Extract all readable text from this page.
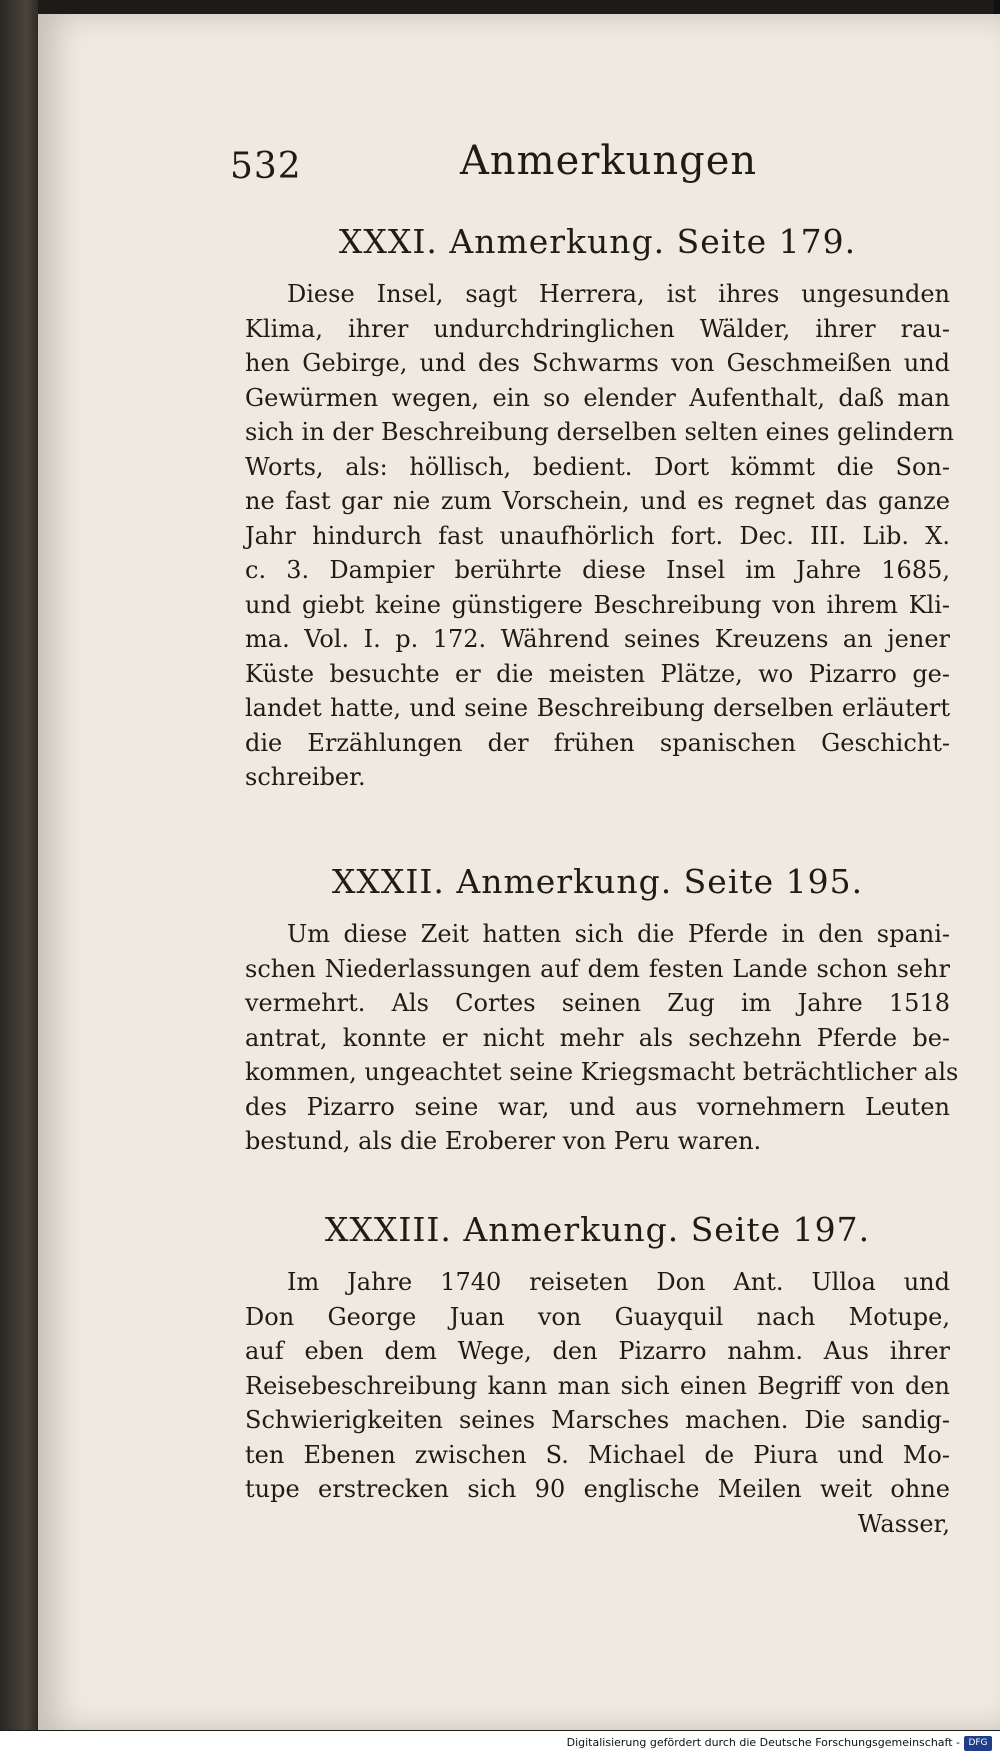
532	Anmerkungen
XXXI. Anmerkung. Seite 179.
Diese Insel, sagt Herrera, ist ihres ungesunden
Klima, ihrer undurchdringlichen Wälder, ihrer rau-
hen Gebirge, und des Schwarms von Geschmeißen und
Gewürmen wegen, ein so elender Aufenthalt, daß man
sich in der Beschreibung derselben selten eines gelindern
Worts, als: höllisch, bedient. Dort kömmt die Son-
ne fast gar nie zum Vorschein, und es regnet das ganze
Jahr hindurch fast unaufhörlich fort. Dec. III. Lib. X.
c. 3. Dampier berührte diese Insel im Jahre 1685,
und giebt keine günstigere Beschreibung von ihrem Kli-
ma. Vol. I. p. 172. Während seines Kreuzens an jener
Küste besuchte er die meisten Plätze, wo Pizarro ge-
landet hatte, und seine Beschreibung derselben erläutert
die Erzählungen der frühen spanischen Geschicht-
schreiber.
XXXII. Anmerkung. Seite 195.
Um diese Zeit hatten sich die Pferde in den spani-
schen Niederlassungen auf dem festen Lande schon sehr
vermehrt. Als Cortes seinen Zug im Jahre 1518
antrat, konnte er nicht mehr als sechzehn Pferde be-
kommen, ungeachtet seine Kriegsmacht beträchtlicher als
des Pizarro seine war, und aus vornehmern Leuten
bestund, als die Eroberer von Peru waren.
XXXIII. Anmerkung. Seite 197.
Im Jahre 1740 reiseten Don Ant. Ulloa und
Don George Juan von Guayquil nach Motupe,
auf eben dem Wege, den Pizarro nahm. Aus ihrer
Reisebeschreibung kann man sich einen Begriff von den
Schwierigkeiten seines Marsches machen. Die sandig-
ten Ebenen zwischen S. Michael de Piura und Mo-
tupe erstrecken sich 90 englische Meilen weit ohne
Wasser,
Digitalisierung gefördert durch die Deutsche Forschungsgemeinschaft - DFG
